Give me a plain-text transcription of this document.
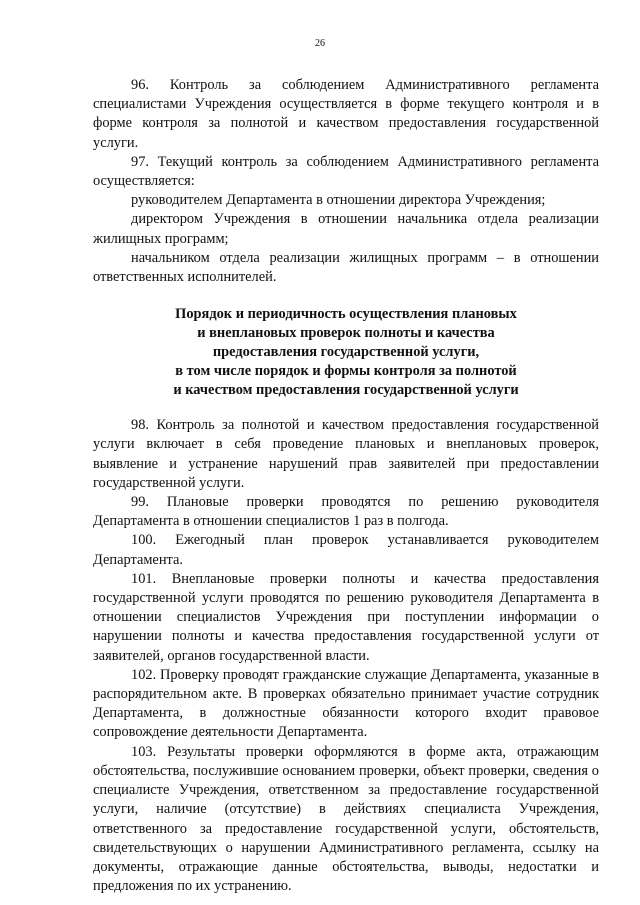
26

96. Контроль за соблюдением Административного регламента специалистами Учреждения осуществляется в форме текущего контроля и в форме контроля за полнотой и качеством предоставления государственной услуги.

97. Текущий контроль за соблюдением Административного регламента осуществляется:

руководителем Департамента в отношении директора Учреждения;

директором Учреждения в отношении начальника отдела реализации жилищных программ;

начальником отдела реализации жилищных программ – в отношении ответственных исполнителей.

Порядок и периодичность осуществления плановых
и внеплановых проверок полноты и качества
предоставления государственной услуги,
в том числе порядок и формы контроля за полнотой
и качеством предоставления государственной услуги

98. Контроль за полнотой и качеством предоставления государственной услуги включает в себя проведение плановых и внеплановых проверок, выявление и устранение нарушений прав заявителей при предоставлении государственной услуги.

99. Плановые проверки проводятся по решению руководителя Департамента в отношении специалистов 1 раз в полгода.

100. Ежегодный план проверок устанавливается руководителем Департамента.

101. Внеплановые проверки полноты и качества предоставления государственной услуги проводятся по решению руководителя Департамента в отношении специалистов Учреждения при поступлении информации о нарушении полноты и качества предоставления государственной услуги от заявителей, органов государственной власти.

102. Проверку проводят гражданские служащие Департамента, указанные в распорядительном акте. В проверках обязательно принимает участие сотрудник Департамента, в должностные обязанности которого входит правовое сопровождение деятельности Департамента.

103. Результаты проверки оформляются в форме акта, отражающим обстоятельства, послужившие основанием проверки, объект проверки, сведения о специалисте Учреждения, ответственном за предоставление государственной услуги, наличие (отсутствие) в действиях специалиста Учреждения, ответственного за предоставление государственной услуги, обстоятельств, свидетельствующих о нарушении Административного регламента, ссылку на документы, отражающие данные обстоятельства, выводы, недостатки и предложения по их устранению.
